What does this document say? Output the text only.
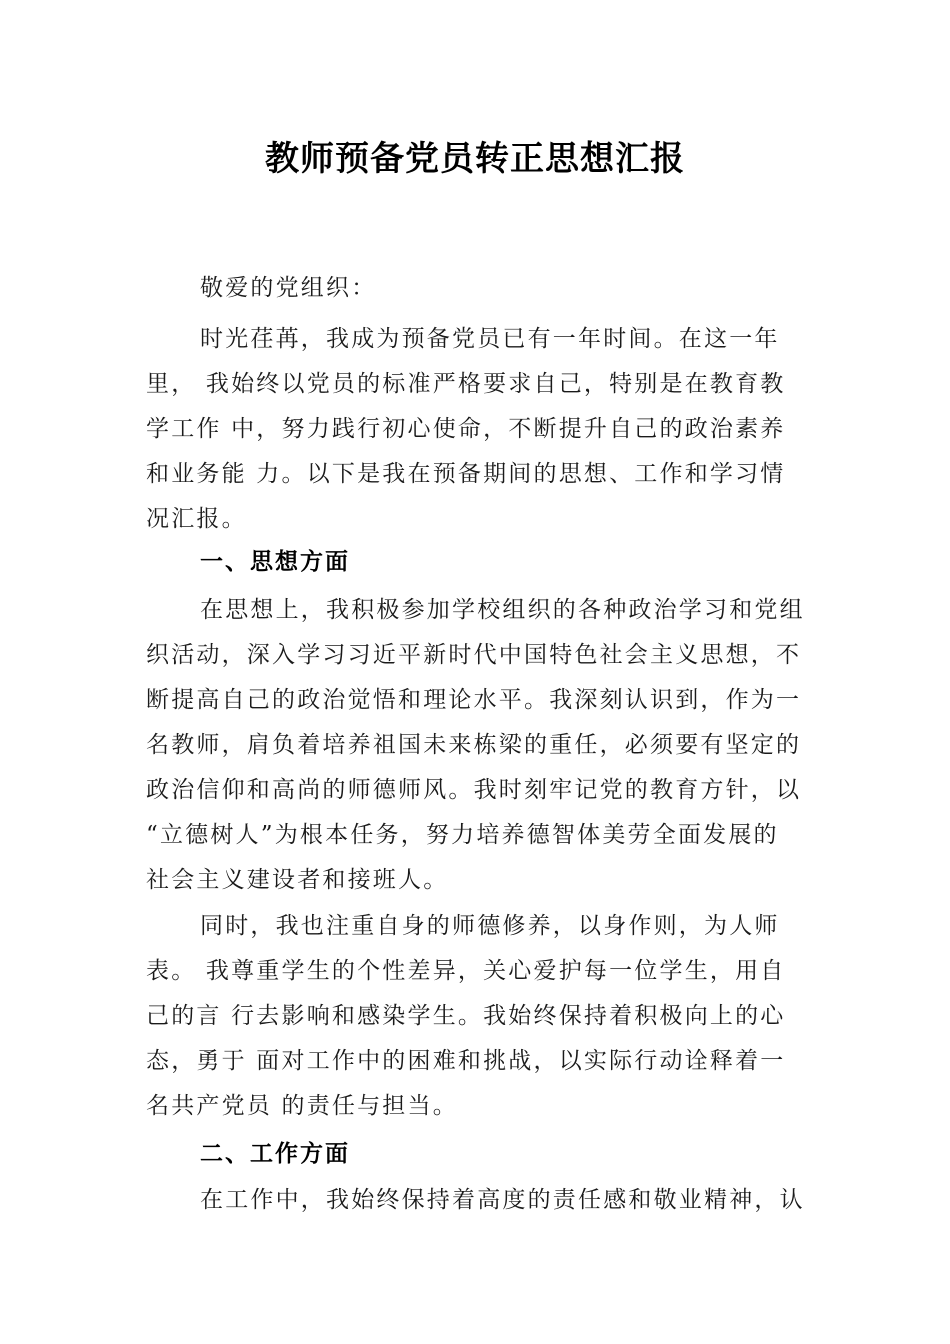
教师预备党员转正思想汇报

敬爱的党组织：

时光荏苒，我成为预备党员已有一年时间。在这一年
里， 我始终以党员的标准严格要求自己，特别是在教育教
学工作 中，努力践行初心使命，不断提升自己的政治素养
和业务能 力。以下是我在预备期间的思想、工作和学习情
况汇报。

一、思想方面

在思想上，我积极参加学校组织的各种政治学习和党组
织活动，深入学习习近平新时代中国特色社会主义思想，不
断提高自己的政治觉悟和理论水平。我深刻认识到，作为一
名教师，肩负着培养祖国未来栋梁的重任，必须要有坚定的
政治信仰和高尚的师德师风。我时刻牢记党的教育方针，以
“立德树人”为根本任务，努力培养德智体美劳全面发展的
社会主义建设者和接班人。

同时，我也注重自身的师德修养，以身作则，为人师
表。 我尊重学生的个性差异，关心爱护每一位学生，用自
己的言 行去影响和感染学生。我始终保持着积极向上的心
态，勇于 面对工作中的困难和挑战，以实际行动诠释着一
名共产党员 的责任与担当。

二、工作方面

在工作中，我始终保持着高度的责任感和敬业精神，认
